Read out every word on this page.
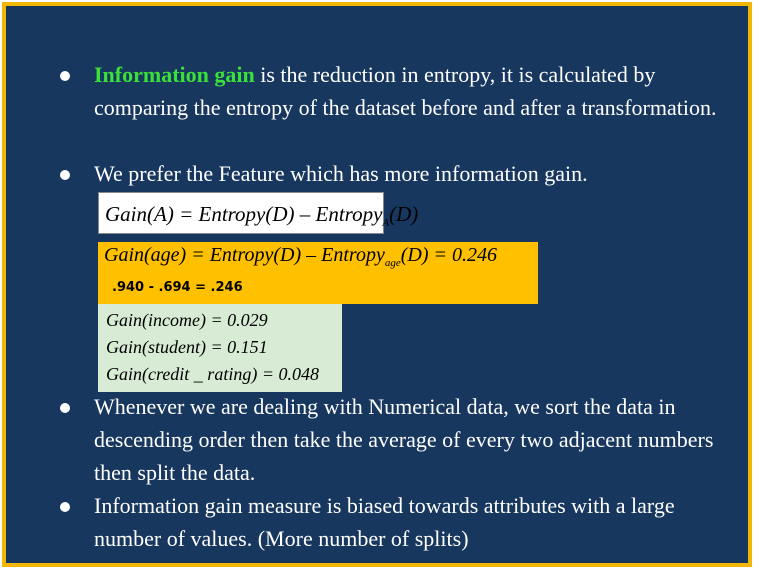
Information gain is the reduction in entropy, it is calculated by comparing the entropy of the dataset before and after a transformation.
We prefer the Feature which has more information gain.
Gain(A) = Entropy(D) – Entropy$_A$(D)
Gain(age) = Entropy(D) – Entropy$_{age}$(D) = 0.246
.940 - .694 = .246
Gain(income) = 0.029
Gain(student) = 0.151
Gain(credit _ rating) = 0.048
Whenever we are dealing with Numerical data, we sort the data in descending order then take the average of every two adjacent numbers then split the data.
Information gain measure is biased towards attributes with a large number of values. (More number of splits)
